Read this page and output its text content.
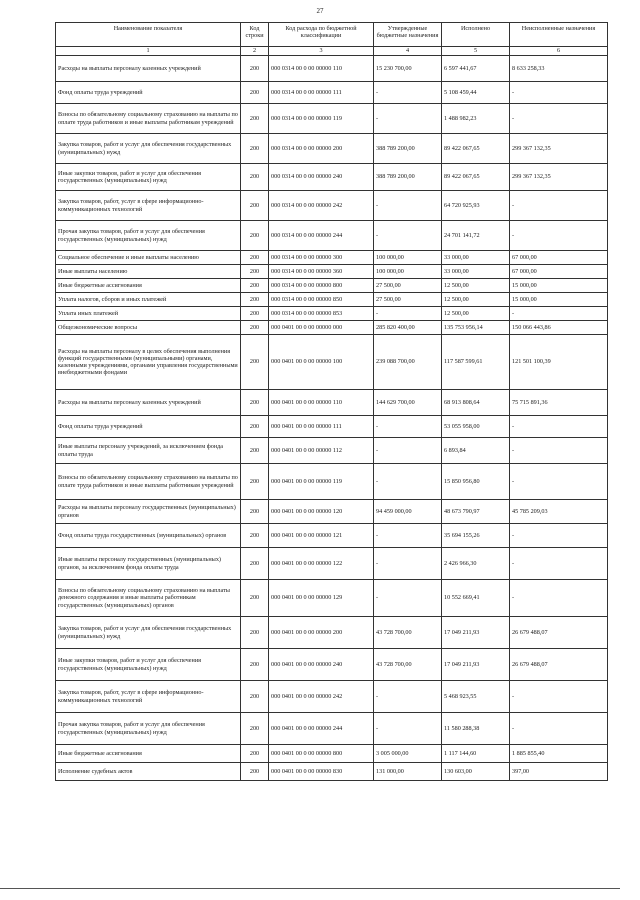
27
Наименование показателя	Код строки	Код расхода по бюджетной классификации	Утвержденные бюджетные назначения	Исполнено	Неисполненные назначения
1	2	3	4	5	6
Расходы на выплаты персоналу казенных учреждений	200	000 0314 00 0 00 00000 110	15 230 700,00	6 597 441,67	8 633 258,33
Фонд оплаты труда учреждений	200	000 0314 00 0 00 00000 111	-	5 108 459,44	-
Взносы по обязательному социальному страхованию на выплаты по оплате труда работников и иные выплаты работникам учреждений	200	000 0314 00 0 00 00000 119	-	1 488 982,23	-
Закупка товаров, работ и услуг для обеспечения государственных (муниципальных) нужд	200	000 0314 00 0 00 00000 200	388 789 200,00	89 422 067,65	299 367 132,35
Иные закупки товаров, работ и услуг для обеспечения государственных (муниципальных) нужд	200	000 0314 00 0 00 00000 240	388 789 200,00	89 422 067,65	299 367 132,35
Закупка товаров, работ, услуг в сфере информационно-коммуникационных технологий	200	000 0314 00 0 00 00000 242	-	64 720 925,93	-
Прочая закупка товаров, работ и услуг для обеспечения государственных (муниципальных) нужд	200	000 0314 00 0 00 00000 244	-	24 701 141,72	-
Социальное обеспечение и иные выплаты населению	200	000 0314 00 0 00 00000 300	100 000,00	33 000,00	67 000,00
Иные выплаты населению	200	000 0314 00 0 00 00000 360	100 000,00	33 000,00	67 000,00
Иные бюджетные ассигнования	200	000 0314 00 0 00 00000 800	27 500,00	12 500,00	15 000,00
Уплата налогов, сборов и иных платежей	200	000 0314 00 0 00 00000 850	27 500,00	12 500,00	15 000,00
Уплата иных платежей	200	000 0314 00 0 00 00000 853	-	12 500,00	-
Общеэкономические вопросы	200	000 0401 00 0 00 00000 000	285 820 400,00	135 753 956,14	150 066 443,86
Расходы на выплаты персоналу в целях обеспечения выполнения функций государственными (муниципальными) органами, казенными учреждениями, органами управления государственными внебюджетными фондами	200	000 0401 00 0 00 00000 100	239 088 700,00	117 587 599,61	121 501 100,39
Расходы на выплаты персоналу казенных учреждений	200	000 0401 00 0 00 00000 110	144 629 700,00	68 913 808,64	75 715 891,36
Фонд оплаты труда учреждений	200	000 0401 00 0 00 00000 111	-	53 055 958,00	-
Иные выплаты персоналу учреждений, за исключением фонда оплаты труда	200	000 0401 00 0 00 00000 112	-	6 893,84	-
Взносы по обязательному социальному страхованию на выплаты по оплате труда работников и иные выплаты работникам учреждений	200	000 0401 00 0 00 00000 119	-	15 850 956,80	-
Расходы на выплаты персоналу государственных (муниципальных) органов	200	000 0401 00 0 00 00000 120	94 459 000,00	48 673 790,97	45 785 209,03
Фонд оплаты труда государственных (муниципальных) органов	200	000 0401 00 0 00 00000 121	-	35 694 155,26	-
Иные выплаты персоналу государственных (муниципальных) органов, за исключением фонда оплаты труда	200	000 0401 00 0 00 00000 122	-	2 426 966,30	-
Взносы по обязательному социальному страхованию на выплаты денежного содержания и иные выплаты работникам государственных (муниципальных) органов	200	000 0401 00 0 00 00000 129	-	10 552 669,41	-
Закупка товаров, работ и услуг для обеспечения государственных (муниципальных) нужд	200	000 0401 00 0 00 00000 200	43 728 700,00	17 049 211,93	26 679 488,07
Иные закупки товаров, работ и услуг для обеспечения государственных (муниципальных) нужд	200	000 0401 00 0 00 00000 240	43 728 700,00	17 049 211,93	26 679 488,07
Закупка товаров, работ, услуг в сфере информационно-коммуникационных технологий	200	000 0401 00 0 00 00000 242	-	5 468 923,55	-
Прочая закупка товаров, работ и услуг для обеспечения государственных (муниципальных) нужд	200	000 0401 00 0 00 00000 244	-	11 580 288,38	-
Иные бюджетные ассигнования	200	000 0401 00 0 00 00000 800	3 005 000,00	1 117 144,60	1 885 855,40
Исполнение судебных актов	200	000 0401 00 0 00 00000 830	131 000,00	130 603,00	397,00
